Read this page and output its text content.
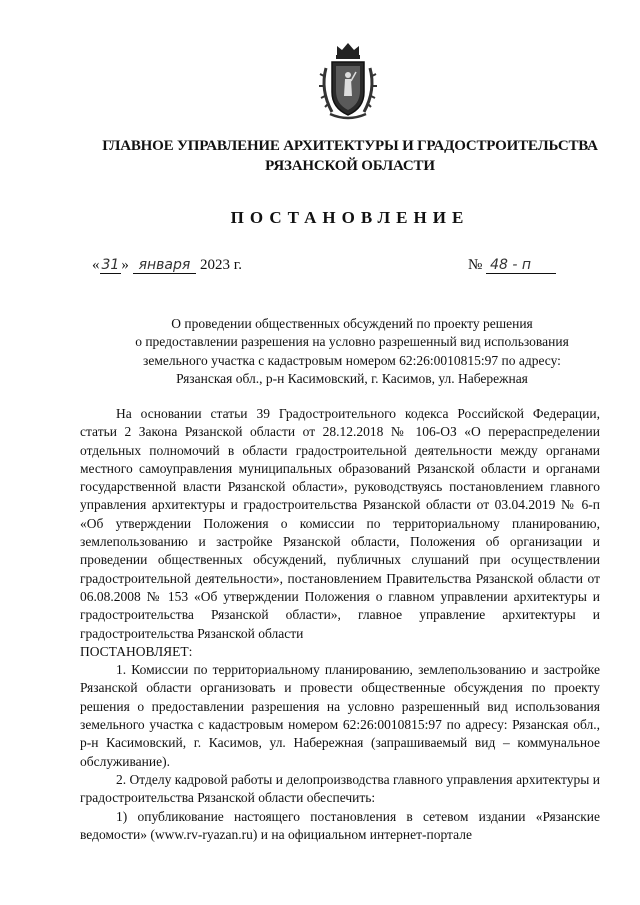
ГЛАВНОЕ УПРАВЛЕНИЕ АРХИТЕКТУРЫ И ГРАДОСТРОИТЕЛЬСТВА
РЯЗАНСКОЙ ОБЛАСТИ
ПОСТАНОВЛЕНИЕ
« 31 » января 2023 г.	№ 48 - п
О проведении общественных обсуждений по проекту решения
о предоставлении разрешения на условно разрешенный вид использования
земельного участка с кадастровым номером 62:26:0010815:97 по адресу:
Рязанская обл., р-н Касимовский, г. Касимов, ул. Набережная

На основании статьи 39 Градостроительного кодекса Российской Федерации, статьи 2 Закона Рязанской области от 28.12.2018 № 106-ОЗ «О перераспределении отдельных полномочий в области градостроительной деятельности между органами местного самоуправления муниципальных образований Рязанской области и органами государственной власти Рязанской области», руководствуясь постановлением главного управления архитектуры и градостроительства Рязанской области от 03.04.2019 № 6-п «Об утверждении Положения о комиссии по территориальному планированию, землепользованию и застройке Рязанской области, Положения об организации и проведении общественных обсуждений, публичных слушаний при осуществлении градостроительной деятельности», постановлением Правительства Рязанской области от 06.08.2008 № 153 «Об утверждении Положения о главном управлении архитектуры и градостроительства Рязанской области», главное управление архитектуры и градостроительства Рязанской области

ПОСТАНОВЛЯЕТ:

1. Комиссии по территориальному планированию, землепользованию и застройке Рязанской области организовать и провести общественные обсуждения по проекту решения о предоставлении разрешения на условно разрешенный вид использования земельного участка с кадастровым номером 62:26:0010815:97 по адресу: Рязанская обл., р-н Касимовский, г. Касимов, ул. Набережная (запрашиваемый вид – коммунальное обслуживание).

2. Отделу кадровой работы и делопроизводства главного управления архитектуры и градостроительства Рязанской области обеспечить:

1) опубликование настоящего постановления в сетевом издании «Рязанские ведомости» (www.rv-ryazan.ru) и на официальном интернет-портале
